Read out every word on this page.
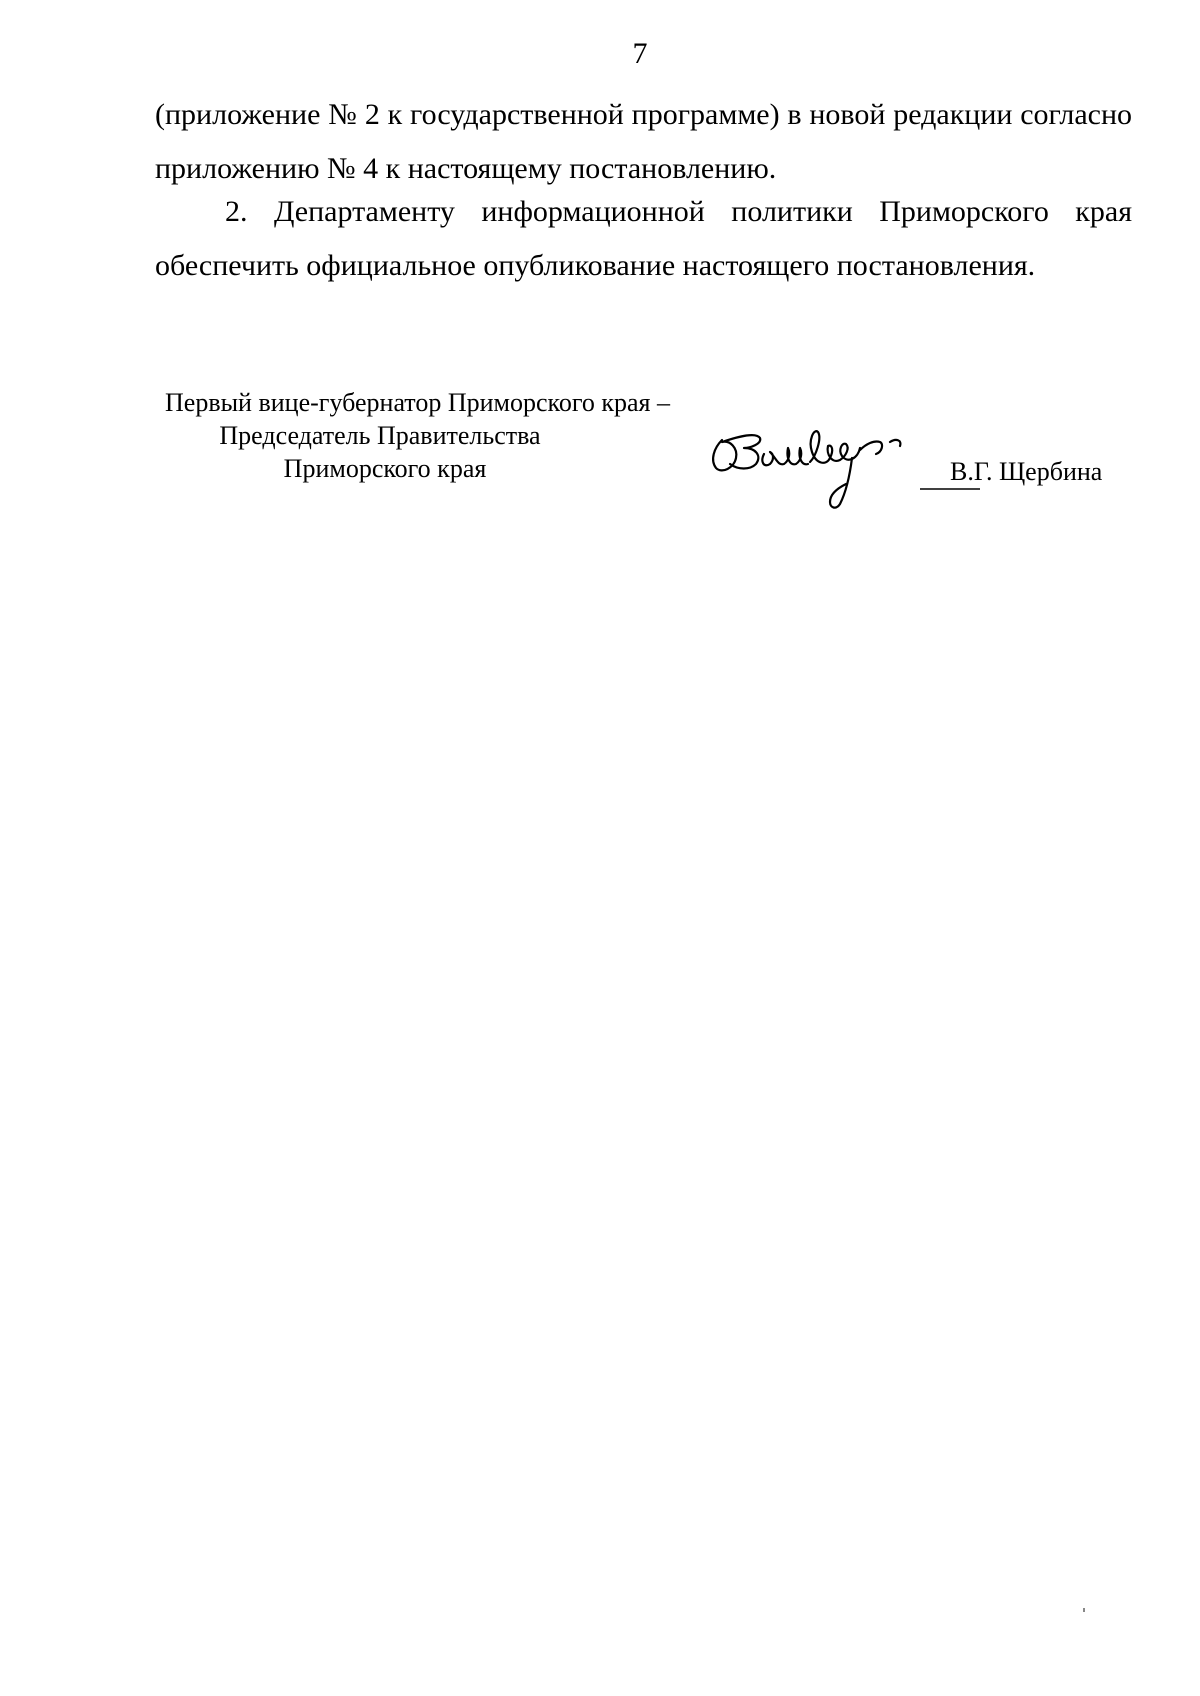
7

(приложение № 2 к государственной программе) в новой редакции согласно приложению № 4 к настоящему постановлению.

2. Департаменту информационной политики Приморского края обеспечить официальное опубликование настоящего постановления.

Первый вице-губернатор Приморского края –
Председатель Правительства
Приморского края	В.Г. Щербина
